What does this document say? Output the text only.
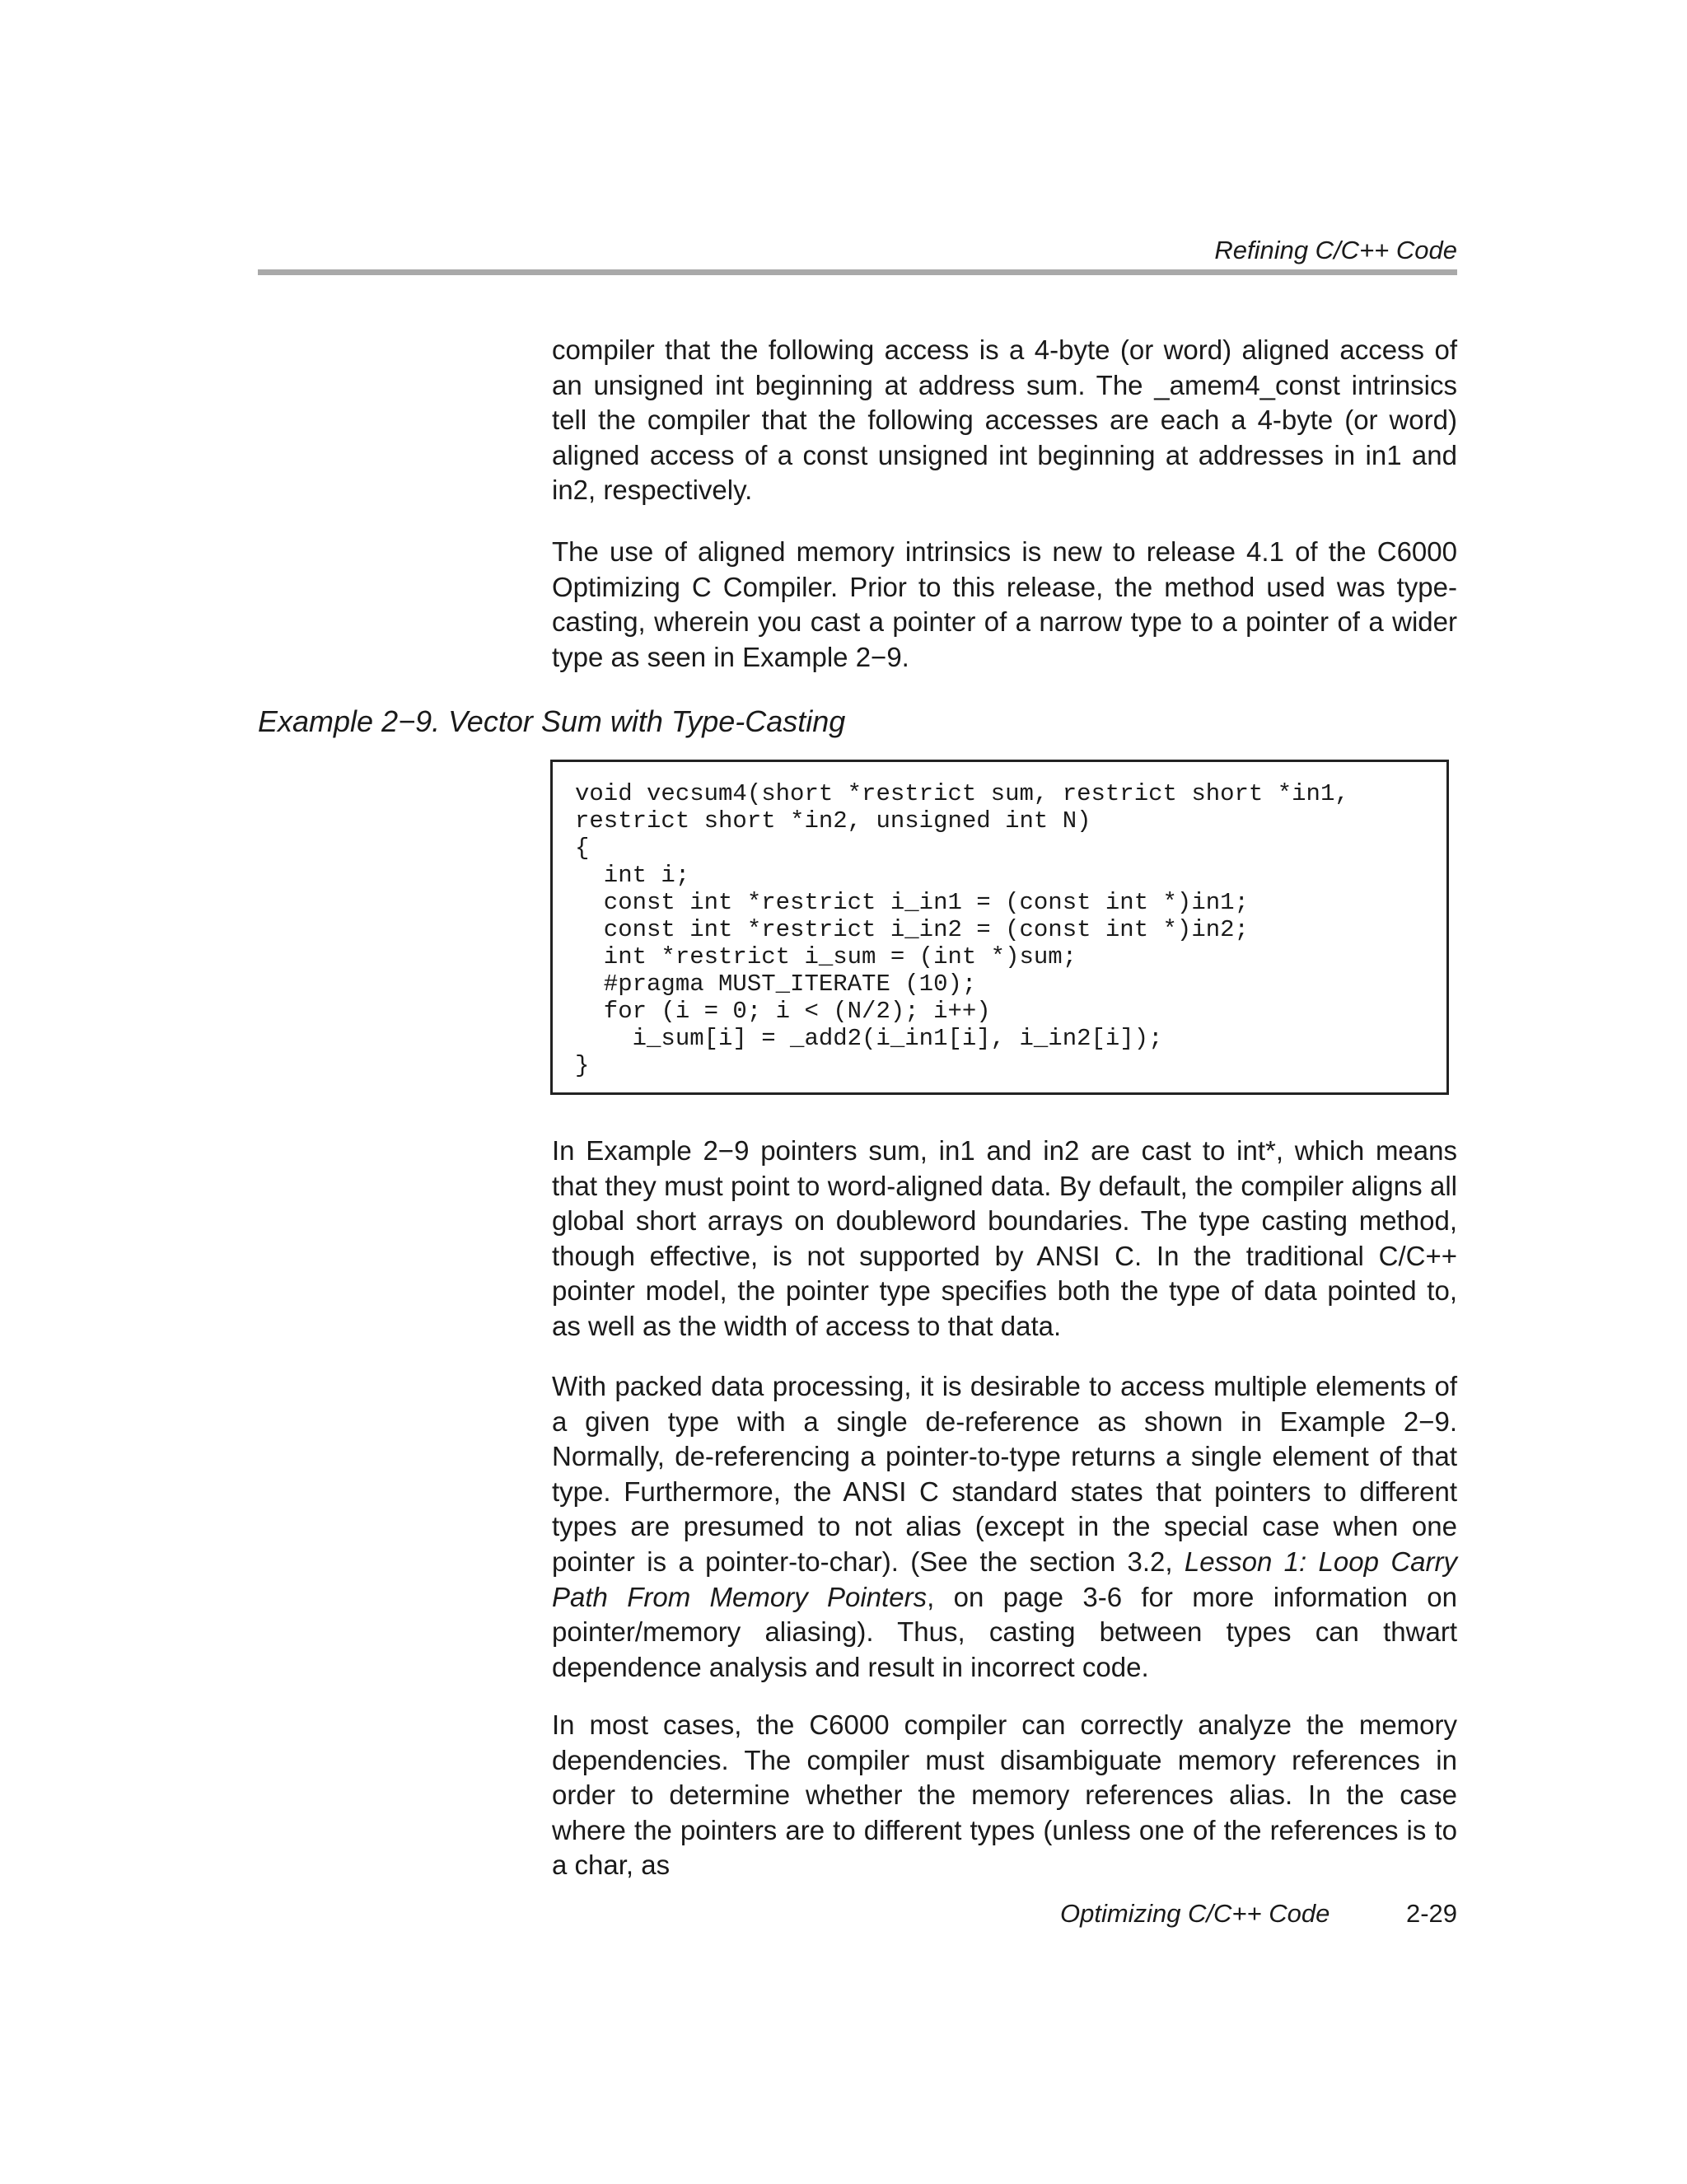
Refining C/C++ Code

compiler that the following access is a 4-byte (or word) aligned access of an unsigned int beginning at address sum. The _amem4_const intrinsics tell the compiler that the following accesses are each a 4-byte (or word) aligned access of a const unsigned int beginning at addresses in in1 and in2, respectively.

The use of aligned memory intrinsics is new to release 4.1 of the C6000 Optimizing C Compiler. Prior to this release, the method used was type-casting, wherein you cast a pointer of a narrow type to a pointer of a wider type as seen in Example 2−9.

Example 2−9. Vector Sum with Type-Casting
void vecsum4(short *restrict sum, restrict short *in1,
restrict short *in2, unsigned int N)
{
int i;
const int *restrict i_in1 = (const int *)in1;
const int *restrict i_in2 = (const int *)in2;
int *restrict i_sum = (int *)sum;
#pragma MUST_ITERATE (10);
for (i = 0; i < (N/2); i++)
i_sum[i] = _add2(i_in1[i], i_in2[i]);
}

In Example 2−9 pointers sum, in1 and in2 are cast to int*, which means that they must point to word-aligned data. By default, the compiler aligns all global short arrays on doubleword boundaries. The type casting method, though effective, is not supported by ANSI C. In the traditional C/C++ pointer model, the pointer type specifies both the type of data pointed to, as well as the width of access to that data.

With packed data processing, it is desirable to access multiple elements of a given type with a single de-reference as shown in Example 2−9. Normally, de-referencing a pointer-to-type returns a single element of that type. Furthermore, the ANSI C standard states that pointers to different types are presumed to not alias (except in the special case when one pointer is a pointer-to-char). (See the section 3.2, Lesson 1: Loop Carry Path From Memory Pointers, on page 3-6 for more information on pointer/memory aliasing). Thus, casting between types can thwart dependence analysis and result in incorrect code.

In most cases, the C6000 compiler can correctly analyze the memory dependencies. The compiler must disambiguate memory references in order to determine whether the memory references alias. In the case where the pointers are to different types (unless one of the references is to a char, as

Optimizing C/C++ Code	2-29
